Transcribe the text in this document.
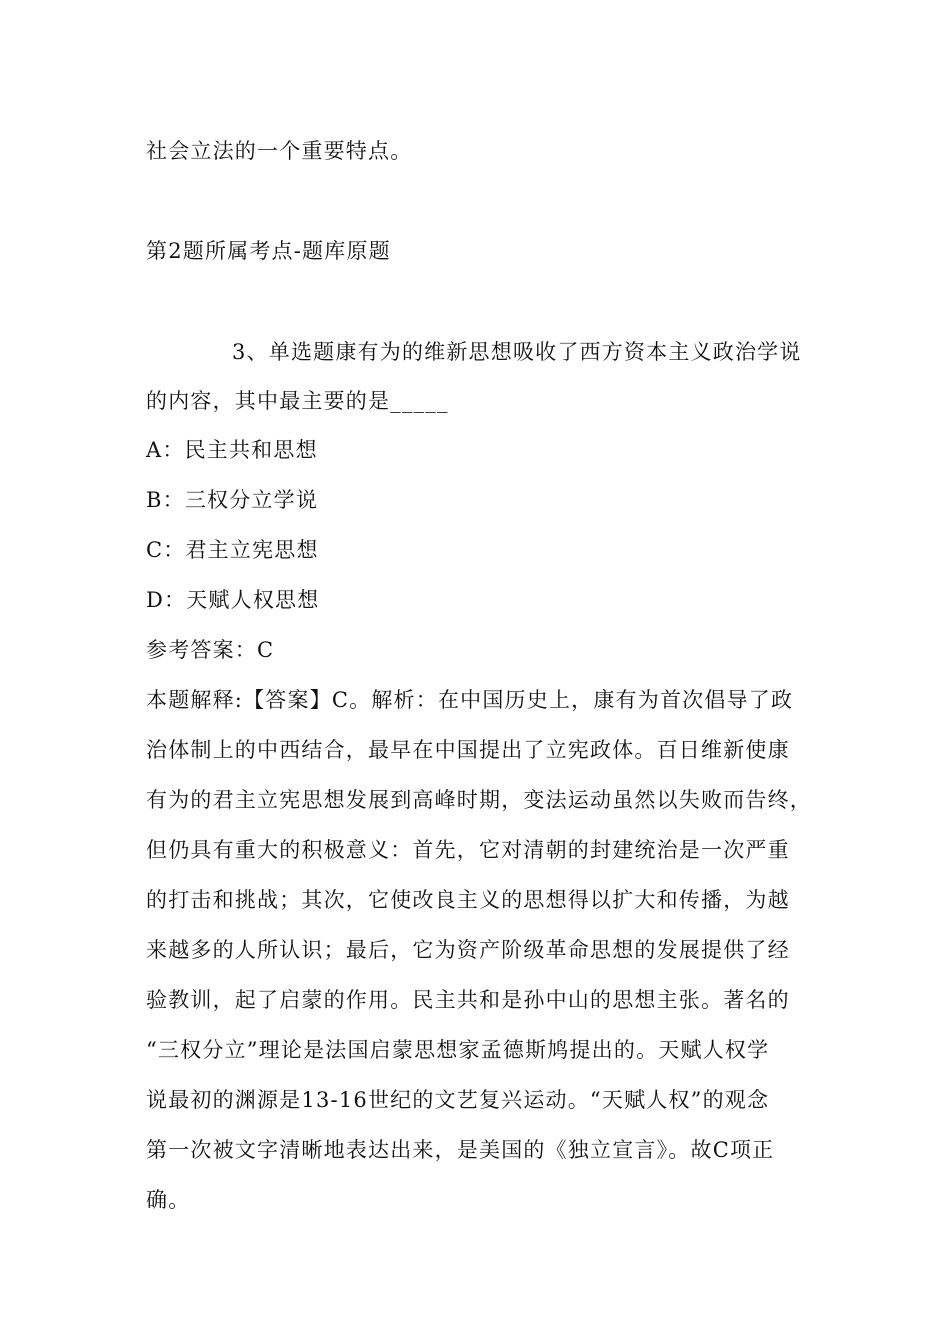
社会立法的一个重要特点。
第2题所属考点-题库原题
3、单选题康有为的维新思想吸收了西方资本主义政治学说
的内容，其中最主要的是_____
A：民主共和思想
B：三权分立学说
C：君主立宪思想
D：天赋人权思想
参考答案：C
本题解释:【答案】C。解析：在中国历史上，康有为首次倡导了政
治体制上的中西结合，最早在中国提出了立宪政体。百日维新使康
有为的君主立宪思想发展到高峰时期，变法运动虽然以失败而告终，
但仍具有重大的积极意义：首先，它对清朝的封建统治是一次严重
的打击和挑战；其次，它使改良主义的思想得以扩大和传播，为越
来越多的人所认识；最后，它为资产阶级革命思想的发展提供了经
验教训，起了启蒙的作用。民主共和是孙中山的思想主张。著名的
“三权分立”理论是法国启蒙思想家孟德斯鸠提出的。天赋人权学
说最初的渊源是13-16世纪的文艺复兴运动。“天赋人权”的观念
第一次被文字清晰地表达出来，是美国的《独立宣言》。故C项正
确。
